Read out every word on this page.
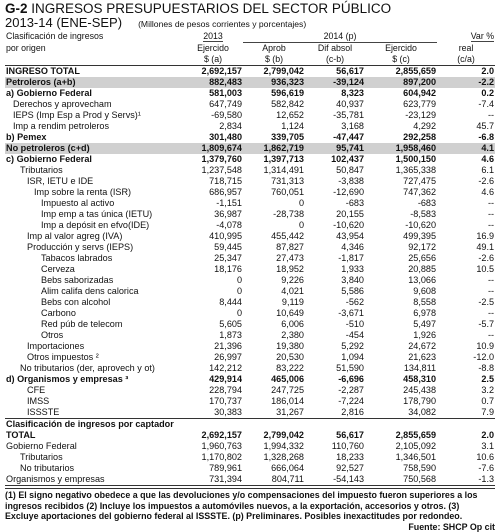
G-2 INGRESOS PRESUPUESTARIOS DEL SECTOR PÚBLICO
2013-14 (ENE-SEP) (Millones de pesos corrientes y porcentajes)
Clasificación de ingresos	2013	2014 (p)			Var %
por origen	Ejercido	Aprob	Dif absol	Ejercido	real
	$ (a)	$ (b)	(c-b)	$ (c)	(c/a)
INGRESO TOTAL	2,692,157	2,799,042	56,617	2,855,659	2.0
Petroleros (a+b)	882,483	936,323	-39,124	897,200	-2.2
a) Gobierno Federal	581,003	596,619	8,323	604,942	0.2
Derechos y aprovecham	647,749	582,842	40,937	623,779	-7.4
IEPS (Imp Esp a Prod y Servs)¹	-69,580	12,652	-35,781	-23,129	--
Imp a rendim petroleros	2,834	1,124	3,168	4,292	45.7
b) Pemex	301,480	339,705	-47,447	292,258	-6.8
No petroleros (c+d)	1,809,674	1,862,719	95,741	1,958,460	4.1
c) Gobierno Federal	1,379,760	1,397,713	102,437	1,500,150	4.6
Tributarios	1,237,548	1,314,491	50,847	1,365,338	6.1
ISR, IETU e IDE	718,715	731,313	-3,838	727,475	-2.6
Imp sobre la renta (ISR)	686,957	760,051	-12,690	747,362	4.6
Impuesto al activo	-1,151	0	-683	-683	--
Imp emp a tas única (IETU)	36,987	-28,738	20,155	-8,583	--
Imp a depósit en efvo(IDE)	-4,078	0	-10,620	-10,620	--
Imp al valor agreg (IVA)	410,995	455,442	43,954	499,395	16.9
Producción y servs (IEPS)	59,445	87,827	4,346	92,172	49.1
Tabacos labrados	25,347	27,473	-1,817	25,656	-2.6
Cerveza	18,176	18,952	1,933	20,885	10.5
Bebs saborizadas	0	9,226	3,840	13,066	--
Alim califa dens calorica	0	4,021	5,586	9,608	--
Bebs con alcohol	8,444	9,119	-562	8,558	-2.5
Carbono	0	10,649	-3,671	6,978	--
Red púb de telecom	5,605	6,006	-510	5,497	-5.7
Otros	1,873	2,380	-454	1,926	--
Importaciones	21,396	19,380	5,292	24,672	10.9
Otros impuestos ²	26,997	20,530	1,094	21,623	-12.0
No tributarios (der, aprovech y ot)	142,212	83,222	51,590	134,811	-8.8
d) Organismos y empresas ³	429,914	465,006	-6,696	458,310	2.5
CFE	228,794	247,725	-2,287	245,438	3.2
IMSS	170,737	186,014	-7,224	178,790	0.7
ISSSTE	30,383	31,267	2,816	34,082	7.9
Clasificación de ingresos por captador					
TOTAL	2,692,157	2,799,042	56,617	2,855,659	2.0
Gobierno Federal	1,960,763	1,994,332	110,760	2,105,092	3.1
Tributarios	1,170,802	1,328,268	18,233	1,346,501	10.6
No tributarios	789,961	666,064	92,527	758,590	-7.6
Organismos y empresas	731,394	804,711	-54,143	750,568	-1.3
(1) El signo negativo obedece a que las devoluciones y/o compensaciones del impuesto fueron superiores a los ingresos recibidos (2) Incluye los impuestos a automóviles nuevos, a la exportación, accesorios y otros. (3) Excluye aportaciones del gobierno federal al ISSSTE. (p) Preliminares. Posibles inexactitudes por redondeo.
Fuente: SHCP Op cit
